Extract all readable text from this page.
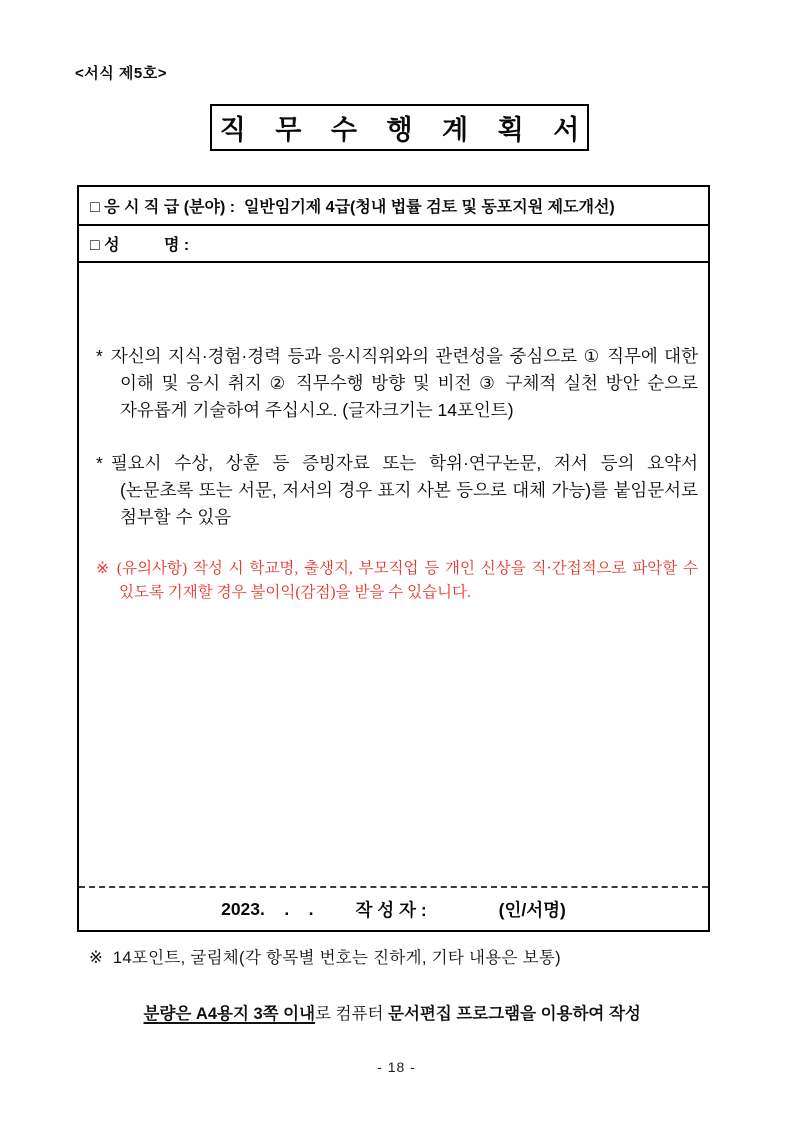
<서식 제5호>
직 무 수 행 계 획 서
□ 응 시 직 급 (분야) : 일반임기제 4급(청내 법률 검토 및 동포지원 제도개선)
□ 성          명 :

* 자신의 지식·경험·경력 등과 응시직위와의 관련성을 중심으로 ① 직무에 대한 이해 및 응시 취지 ② 직무수행 방향 및 비전 ③ 구체적 실천 방안 순으로 자유롭게 기술하여 주십시오. (글자크기는 14포인트)

* 필요시 수상, 상훈 등 증빙자료 또는 학위·연구논문, 저서 등의 요약서 (논문초록 또는 서문, 저서의 경우 표지 사본 등으로 대체 가능)를 붙임문서로 첨부할 수 있음

※ (유의사항) 작성 시 학교명, 출생지, 부모직업 등 개인 신상을 직·간접적으로 파악할 수 있도록 기재할 경우 불이익(감점)을 받을 수 있습니다.

2023.    .    . 작 성 자 :	(인/서명)
※  14포인트, 굴림체(각 항목별 번호는 진하게, 기타 내용은 보통)

분량은 A4용지 3쪽 이내로 컴퓨터 문서편집 프로그램을 이용하여 작성

- 18 -
